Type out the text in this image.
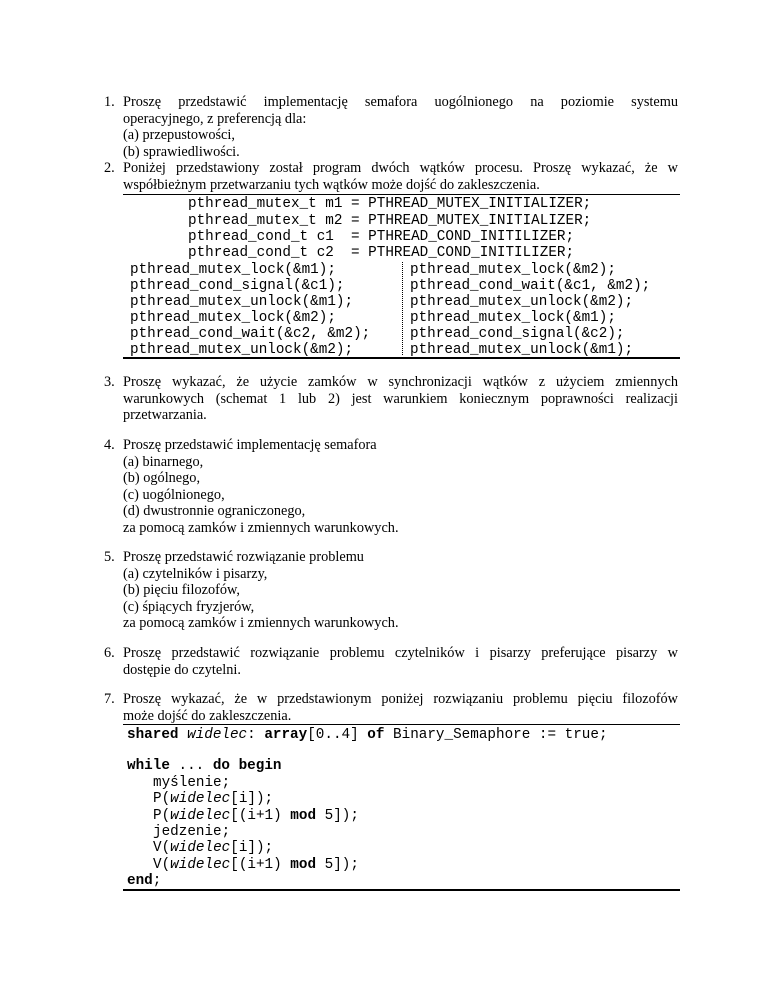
1. Proszę przedstawić implementację semafora uogólnionego na poziomie systemu
operacyjnego, z preferencją dla:
(a) przepustowości,
(b) sprawiedliwości.
2. Poniżej przedstawiony został program dwóch wątków procesu. Proszę wykazać, że w
współbieżnym przetwarzaniu tych wątków może dojść do zakleszczenia.
pthread_mutex_t m1 = PTHREAD_MUTEX_INITIALIZER;
pthread_mutex_t m2 = PTHREAD_MUTEX_INITIALIZER;
pthread_cond_t c1  = PTHREAD_COND_INITILIZER;
pthread_cond_t c2  = PTHREAD_COND_INITILIZER;
pthread_mutex_lock(&m1);
pthread_cond_signal(&c1);
pthread_mutex_unlock(&m1);
pthread_mutex_lock(&m2);
pthread_cond_wait(&c2, &m2);
pthread_mutex_unlock(&m2);
pthread_mutex_lock(&m2);
pthread_cond_wait(&c1, &m2);
pthread_mutex_unlock(&m2);
pthread_mutex_lock(&m1);
pthread_cond_signal(&c2);
pthread_mutex_unlock(&m1);
3. Proszę wykazać, że użycie zamków w synchronizacji wątków z użyciem zmiennych
warunkowych (schemat 1 lub 2) jest warunkiem koniecznym poprawności realizacji
przetwarzania.
4. Proszę przedstawić implementację semafora
(a) binarnego,
(b) ogólnego,
(c) uogólnionego,
(d) dwustronnie ograniczonego,
za pomocą zamków i zmiennych warunkowych.
5. Proszę przedstawić rozwiązanie problemu
(a) czytelników i pisarzy,
(b) pięciu filozofów,
(c) śpiących fryzjerów,
za pomocą zamków i zmiennych warunkowych.
6. Proszę przedstawić rozwiązanie problemu czytelników i pisarzy preferujące pisarzy w
dostępie do czytelni.
7. Proszę wykazać, że w przedstawionym poniżej rozwiązaniu problemu pięciu filozofów
może dojść do zakleszczenia.
shared widelec: array[0..4] of Binary_Semaphore := true;
while ... do begin
myślenie;
P(widelec[i]);
P(widelec[(i+1) mod 5]);
jedzenie;
V(widelec[i]);
V(widelec[(i+1) mod 5]);
end;
